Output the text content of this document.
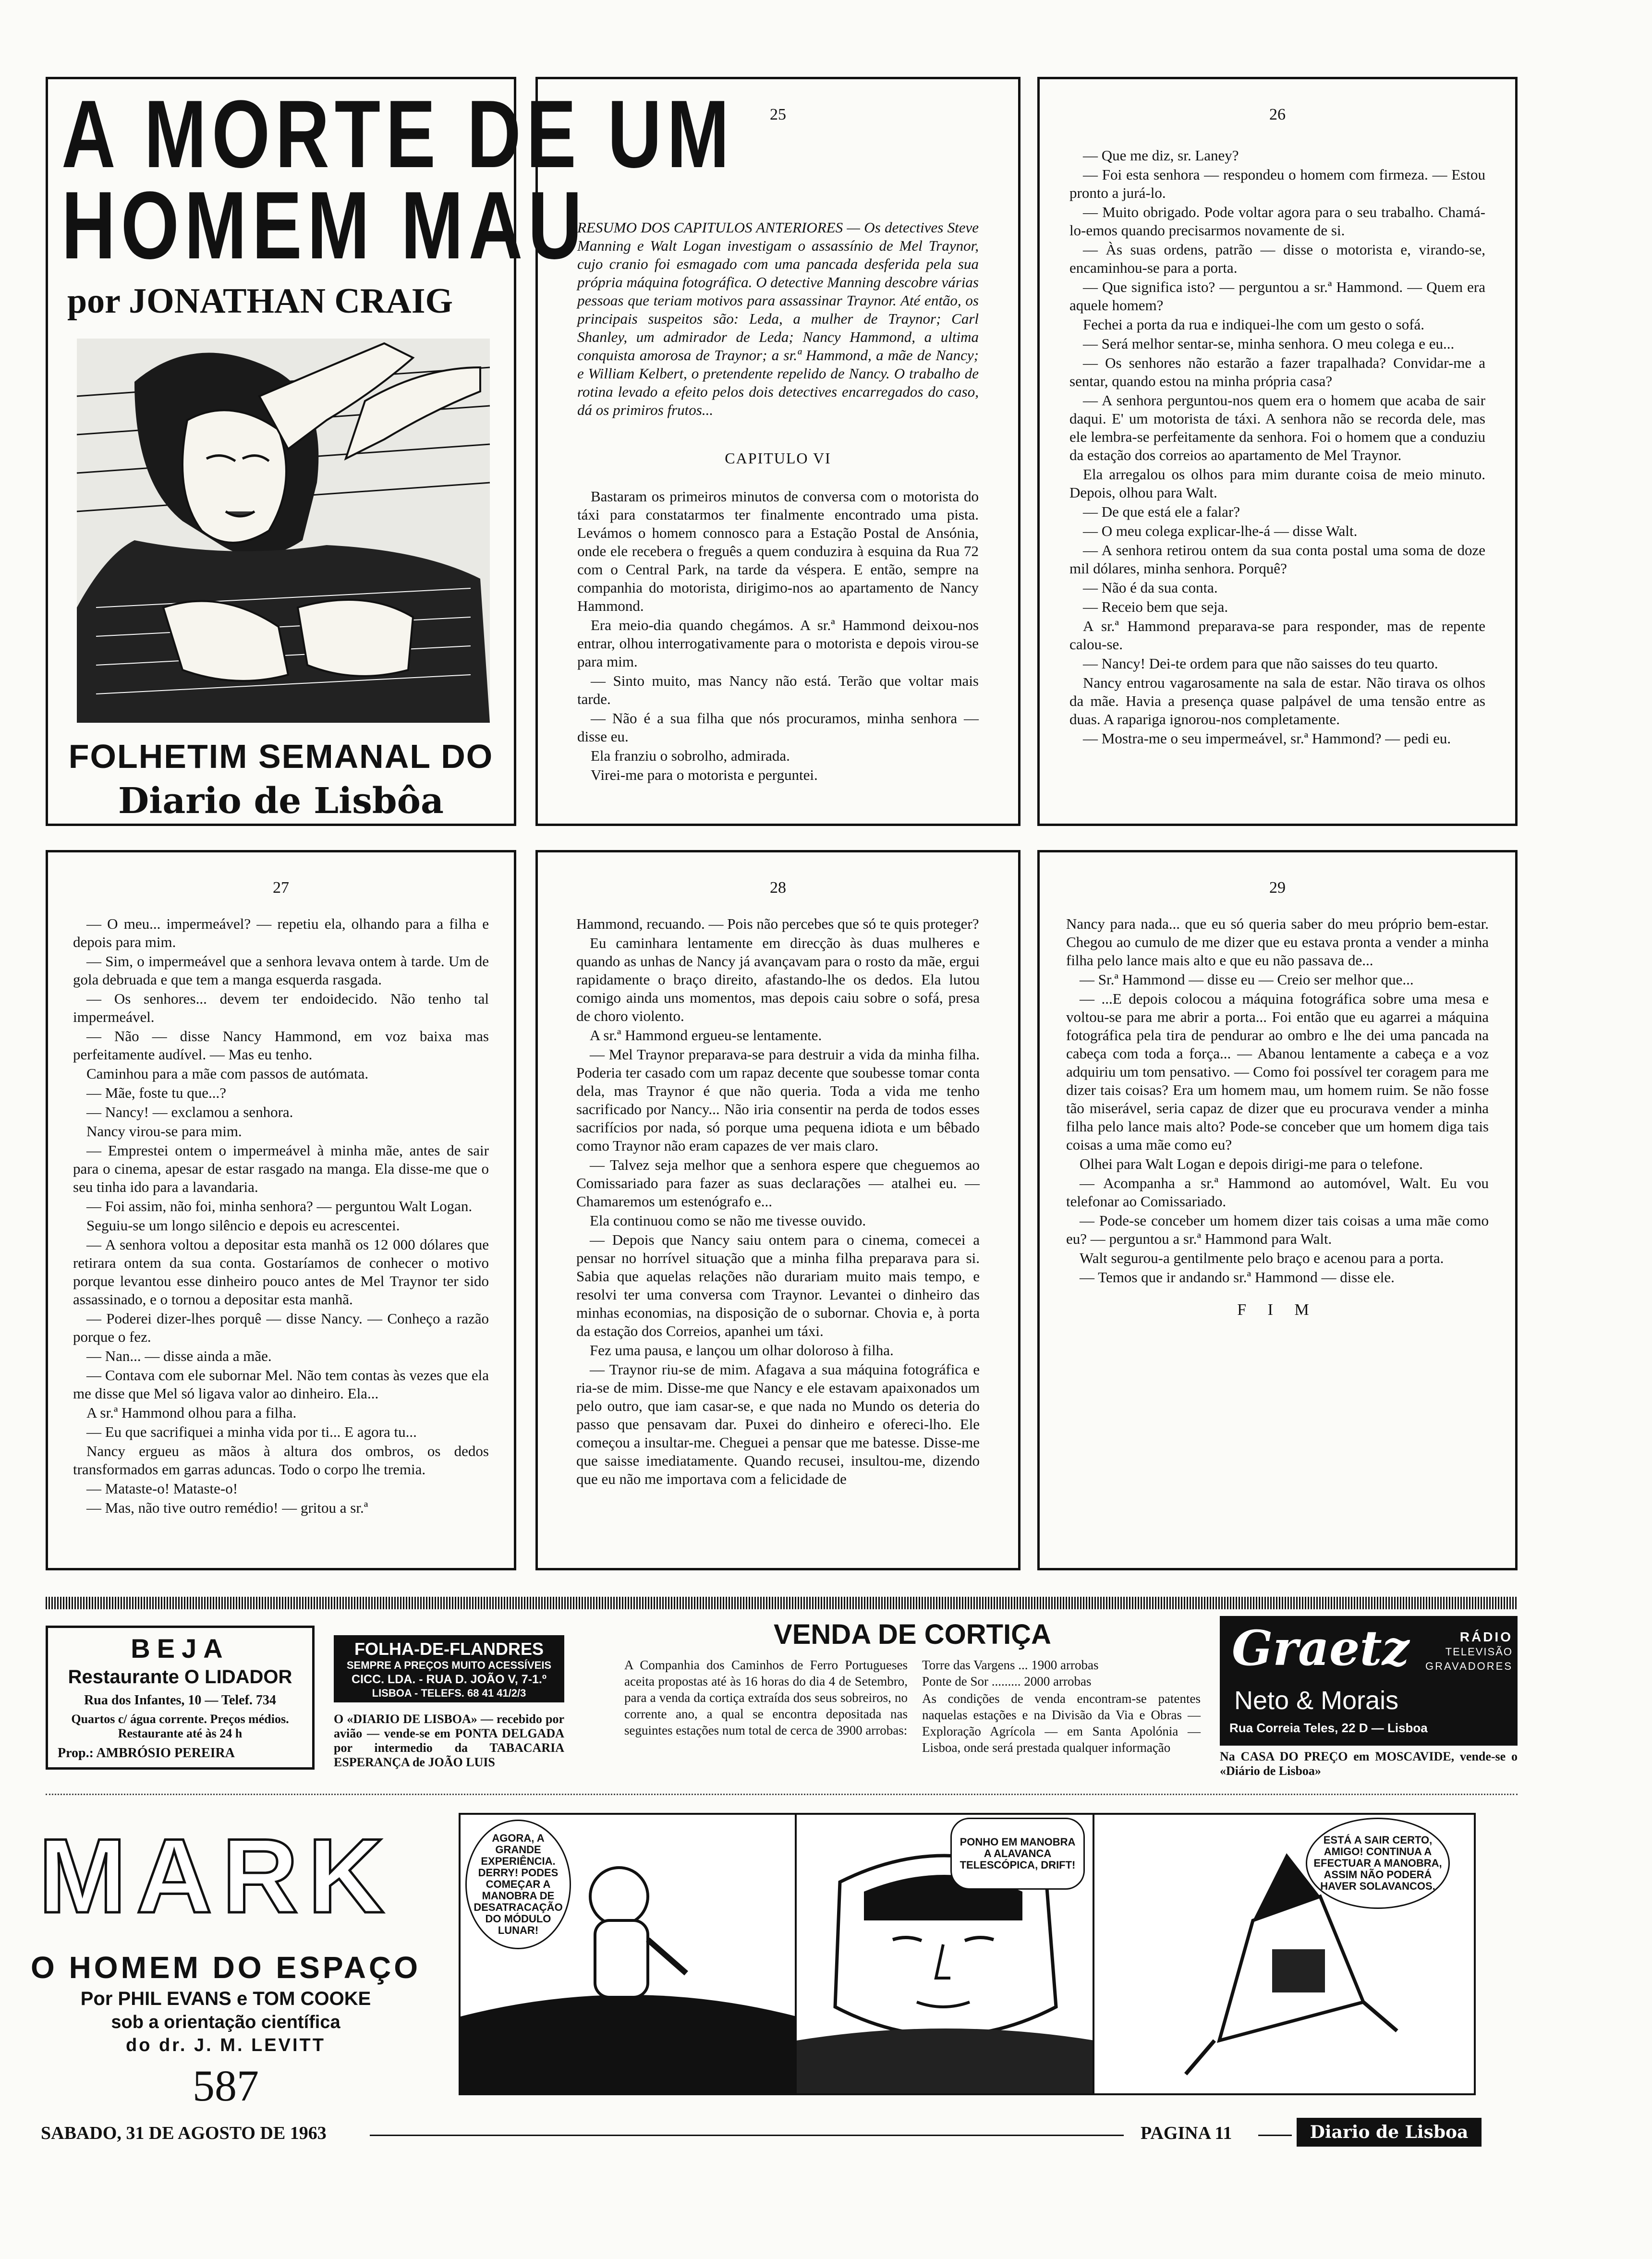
A MORTE DE UM
HOMEM MAU
por JONATHAN CRAIG
FOLHETIM SEMANAL DO
Diario de Lisbôa
25

RESUMO DOS CAPITULOS ANTERIORES — Os detectives Steve Manning e Walt Logan investigam o assassínio de Mel Traynor, cujo cranio foi esmagado com uma pancada desferida pela sua própria máquina fotográfica. O detective Manning descobre várias pessoas que teriam motivos para assassinar Traynor. Até então, os principais suspeitos são: Leda, a mulher de Traynor; Carl Shanley, um admirador de Leda; Nancy Hammond, a ultima conquista amorosa de Traynor; a sr.ª Hammond, a mãe de Nancy; e William Kelbert, o pretendente repelido de Nancy. O trabalho de rotina levado a efeito pelos dois detectives encarregados do caso, dá os primiros frutos...

CAPITULO VI

Bastaram os primeiros minutos de conversa com o motorista do táxi para constatarmos ter finalmente encontrado uma pista. Levámos o homem connosco para a Estação Postal de Ansónia, onde ele recebera o freguês a quem conduzira à esquina da Rua 72 com o Central Park, na tarde da véspera. E então, sempre na companhia do motorista, dirigimo-nos ao apartamento de Nancy Hammond.

Era meio-dia quando chegámos. A sr.ª Hammond deixou-nos entrar, olhou interrogativamente para o motorista e depois virou-se para mim.

— Sinto muito, mas Nancy não está. Terão que voltar mais tarde.

— Não é a sua filha que nós procuramos, minha senhora — disse eu.

Ela franziu o sobrolho, admirada.

Virei-me para o motorista e perguntei.

26

— Que me diz, sr. Laney?

— Foi esta senhora — respondeu o homem com firmeza. — Estou pronto a jurá-lo.

— Muito obrigado. Pode voltar agora para o seu trabalho. Chamá-lo-emos quando precisarmos novamente de si.

— Às suas ordens, patrão — disse o motorista e, virando-se, encaminhou-se para a porta.

— Que significa isto? — perguntou a sr.ª Hammond. — Quem era aquele homem?

Fechei a porta da rua e indiquei-lhe com um gesto o sofá.

— Será melhor sentar-se, minha senhora. O meu colega e eu...

— Os senhores não estarão a fazer trapalhada? Convidar-me a sentar, quando estou na minha própria casa?

— A senhora perguntou-nos quem era o homem que acaba de sair daqui. E' um motorista de táxi. A senhora não se recorda dele, mas ele lembra-se perfeitamente da senhora. Foi o homem que a conduziu da estação dos correios ao apartamento de Mel Traynor.

Ela arregalou os olhos para mim durante coisa de meio minuto. Depois, olhou para Walt.

— De que está ele a falar?

— O meu colega explicar-lhe-á — disse Walt.

— A senhora retirou ontem da sua conta postal uma soma de doze mil dólares, minha senhora. Porquê?

— Não é da sua conta.

— Receio bem que seja.

A sr.ª Hammond preparava-se para responder, mas de repente calou-se.

— Nancy! Dei-te ordem para que não saisses do teu quarto.

Nancy entrou vagarosamente na sala de estar. Não tirava os olhos da mãe. Havia a presença quase palpável de uma tensão entre as duas. A rapariga ignorou-nos completamente.

— Mostra-me o seu impermeável, sr.ª Hammond? — pedi eu.

27

— O meu... impermeável? — repetiu ela, olhando para a filha e depois para mim.

— Sim, o impermeável que a senhora levava ontem à tarde. Um de gola debruada e que tem a manga esquerda rasgada.

— Os senhores... devem ter endoidecido. Não tenho tal impermeável.

— Não — disse Nancy Hammond, em voz baixa mas perfeitamente audível. — Mas eu tenho.

Caminhou para a mãe com passos de autómata.

— Mãe, foste tu que...?

— Nancy! — exclamou a senhora.

Nancy virou-se para mim.

— Emprestei ontem o impermeável à minha mãe, antes de sair para o cinema, apesar de estar rasgado na manga. Ela disse-me que o seu tinha ido para a lavandaria.

— Foi assim, não foi, minha senhora? — perguntou Walt Logan.

Seguiu-se um longo silêncio e depois eu acrescentei.

— A senhora voltou a depositar esta manhã os 12 000 dólares que retirara ontem da sua conta. Gostaríamos de conhecer o motivo porque levantou esse dinheiro pouco antes de Mel Traynor ter sido assassinado, e o tornou a depositar esta manhã.

— Poderei dizer-lhes porquê — disse Nancy. — Conheço a razão porque o fez.

— Nan... — disse ainda a mãe.

— Contava com ele subornar Mel. Não tem contas às vezes que ela me disse que Mel só ligava valor ao dinheiro. Ela...

A sr.ª Hammond olhou para a filha.

— Eu que sacrifiquei a minha vida por ti... E agora tu...

Nancy ergueu as mãos à altura dos ombros, os dedos transformados em garras aduncas. Todo o corpo lhe tremia.

— Mataste-o! Mataste-o!

— Mas, não tive outro remédio! — gritou a sr.ª

28

Hammond, recuando. — Pois não percebes que só te quis proteger?

Eu caminhara lentamente em direcção às duas mulheres e quando as unhas de Nancy já avançavam para o rosto da mãe, ergui rapidamente o braço direito, afastando-lhe os dedos. Ela lutou comigo ainda uns momentos, mas depois caiu sobre o sofá, presa de choro violento.

A sr.ª Hammond ergueu-se lentamente.

— Mel Traynor preparava-se para destruir a vida da minha filha. Poderia ter casado com um rapaz decente que soubesse tomar conta dela, mas Traynor é que não queria. Toda a vida me tenho sacrificado por Nancy... Não iria consentir na perda de todos esses sacrifícios por nada, só porque uma pequena idiota e um bêbado como Traynor não eram capazes de ver mais claro.

— Talvez seja melhor que a senhora espere que cheguemos ao Comissariado para fazer as suas declarações — atalhei eu. — Chamaremos um estenógrafo e...

Ela continuou como se não me tivesse ouvido.

— Depois que Nancy saiu ontem para o cinema, comecei a pensar no horrível situação que a minha filha preparava para si. Sabia que aquelas relações não durariam muito mais tempo, e resolvi ter uma conversa com Traynor. Levantei o dinheiro das minhas economias, na disposição de o subornar. Chovia e, à porta da estação dos Correios, apanhei um táxi.

Fez uma pausa, e lançou um olhar doloroso à filha.

— Traynor riu-se de mim. Afagava a sua máquina fotográfica e ria-se de mim. Disse-me que Nancy e ele estavam apaixonados um pelo outro, que iam casar-se, e que nada no Mundo os deteria do passo que pensavam dar. Puxei do dinheiro e ofereci-lho. Ele começou a insultar-me. Cheguei a pensar que me batesse. Disse-me que saisse imediatamente. Quando recusei, insultou-me, dizendo que eu não me importava com a felicidade de

29

Nancy para nada... que eu só queria saber do meu próprio bem-estar. Chegou ao cumulo de me dizer que eu estava pronta a vender a minha filha pelo lance mais alto e que eu não passava de...

— Sr.ª Hammond — disse eu — Creio ser melhor que...

— ...E depois colocou a máquina fotográfica sobre uma mesa e voltou-se para me abrir a porta... Foi então que eu agarrei a máquina fotográfica pela tira de pendurar ao ombro e lhe dei uma pancada na cabeça com toda a força... — Abanou lentamente a cabeça e a voz adquiriu um tom pensativo. — Como foi possível ter coragem para me dizer tais coisas? Era um homem mau, um homem ruim. Se não fosse tão miserável, seria capaz de dizer que eu procurava vender a minha filha pelo lance mais alto? Pode-se conceber que um homem diga tais coisas a uma mãe como eu?

Olhei para Walt Logan e depois dirigi-me para o telefone.

— Acompanha a sr.ª Hammond ao automóvel, Walt. Eu vou telefonar ao Comissariado.

— Pode-se conceber um homem dizer tais coisas a uma mãe como eu? — perguntou a sr.ª Hammond para Walt.

Walt segurou-a gentilmente pelo braço e acenou para a porta.

— Temos que ir andando sr.ª Hammond — disse ele.

F I M

BEJA
Restaurante O LIDADOR
Rua dos Infantes, 10 — Telef. 734
Quartos c/ água corrente. Preços médios. Restaurante até às 24 h
Prop.: AMBRÓSIO PEREIRA
FOLHA-DE-FLANDRES
SEMPRE A PREÇOS MUITO ACESSÍVEIS
CICC. LDA. - RUA D. JOÃO V, 7-1.º
LISBOA - TELEFS. 68 41 41/2/3
O «DIARIO DE LISBOA» — recebido por avião — vende-se em PONTA DELGADA por intermedio da TABACARIA ESPERANÇA de JOÃO LUIS
VENDA DE CORTIÇA
A Companhia dos Caminhos de Ferro Portugueses aceita propostas até às 16 horas do dia 4 de Setembro, para a venda da cortiça extraída dos seus sobreiros, no corrente ano, a qual se encontra depositada nas seguintes estações num total de cerca de 3900 arrobas:
Torre das Vargens ... 1900 arrobas
Ponte de Sor ......... 2000 arrobas
As condições de venda encontram-se patentes naquelas estações e na Divisão da Via e Obras — Exploração Agrícola — em Santa Apolónia — Lisboa, onde será prestada qualquer informação
Graetz	RÁDIO
TELEVISÃO
GRAVADORES
Neto & Morais
Rua Correia Teles, 22 D — Lisboa
Na CASA DO PREÇO em MOSCAVIDE, vende-se o «Diário de Lisboa»
MARK
O HOMEM DO ESPAÇO
Por PHIL EVANS e TOM COOKE
sob a orientação científica
do dr. J. M. LEVITT
587
AGORA, A GRANDE EXPERIÊNCIA. DERRY! PODES COMEÇAR A MANOBRA DE DESATRACAÇÃO DO MÓDULO LUNAR!
PONHO EM MANOBRA A ALAVANCA TELESCÓPICA, DRIFT!
ESTÁ A SAIR CERTO, AMIGO! CONTINUA A EFECTUAR A MANOBRA, ASSIM NÃO PODERÁ HAVER SOLAVANCOS.
SABADO, 31 DE AGOSTO DE 1963	PAGINA 11	Diario de Lisboa
